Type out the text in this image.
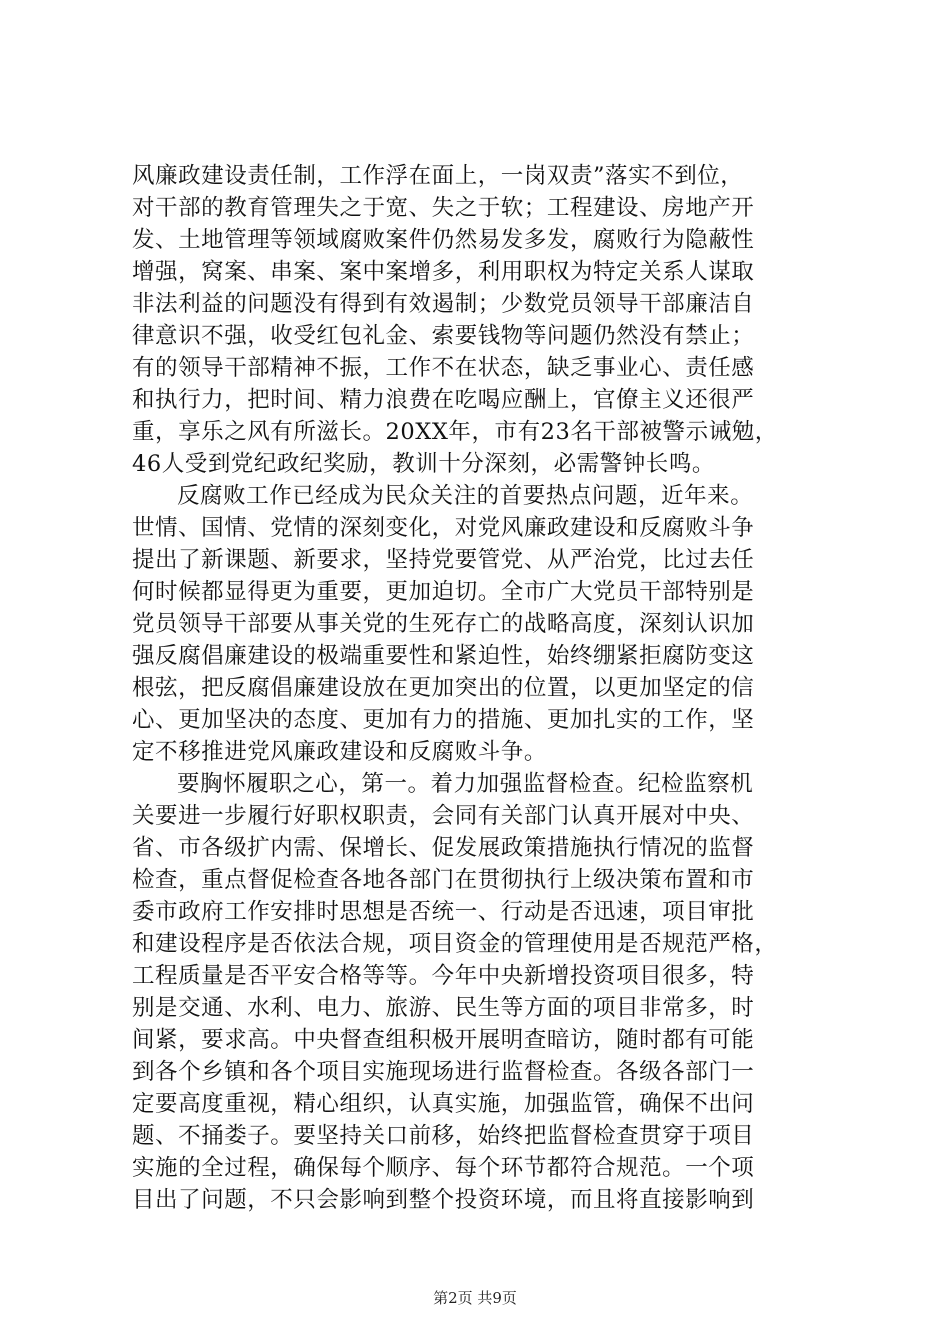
风廉政建设责任制，工作浮在面上，一岗双责”落实不到位，
对干部的教育管理失之于宽、失之于软；工程建设、房地产开
发、土地管理等领域腐败案件仍然易发多发，腐败行为隐蔽性
增强，窝案、串案、案中案增多，利用职权为特定关系人谋取
非法利益的问题没有得到有效遏制；少数党员领导干部廉洁自
律意识不强，收受红包礼金、索要钱物等问题仍然没有禁止；
有的领导干部精神不振，工作不在状态，缺乏事业心、责任感
和执行力，把时间、精力浪费在吃喝应酬上，官僚主义还很严
重，享乐之风有所滋长。20XX年，市有23名干部被警示诫勉，
46人受到党纪政纪奖励，教训十分深刻，必需警钟长鸣。
反腐败工作已经成为民众关注的首要热点问题，近年来。
世情、国情、党情的深刻变化，对党风廉政建设和反腐败斗争
提出了新课题、新要求，坚持党要管党、从严治党，比过去任
何时候都显得更为重要，更加迫切。全市广大党员干部特别是
党员领导干部要从事关党的生死存亡的战略高度，深刻认识加
强反腐倡廉建设的极端重要性和紧迫性，始终绷紧拒腐防变这
根弦，把反腐倡廉建设放在更加突出的位置，以更加坚定的信
心、更加坚决的态度、更加有力的措施、更加扎实的工作，坚
定不移推进党风廉政建设和反腐败斗争。
要胸怀履职之心，第一。着力加强监督检查。纪检监察机
关要进一步履行好职权职责，会同有关部门认真开展对中央、
省、市各级扩内需、保增长、促发展政策措施执行情况的监督
检查，重点督促检查各地各部门在贯彻执行上级决策布置和市
委市政府工作安排时思想是否统一、行动是否迅速，项目审批
和建设程序是否依法合规，项目资金的管理使用是否规范严格，
工程质量是否平安合格等等。今年中央新增投资项目很多，特
别是交通、水利、电力、旅游、民生等方面的项目非常多，时
间紧，要求高。中央督查组积极开展明查暗访，随时都有可能
到各个乡镇和各个项目实施现场进行监督检查。各级各部门一
定要高度重视，精心组织，认真实施，加强监管，确保不出问
题、不捅娄子。要坚持关口前移，始终把监督检查贯穿于项目
实施的全过程，确保每个顺序、每个环节都符合规范。一个项
目出了问题，不只会影响到整个投资环境，而且将直接影响到
第2页 共9页
